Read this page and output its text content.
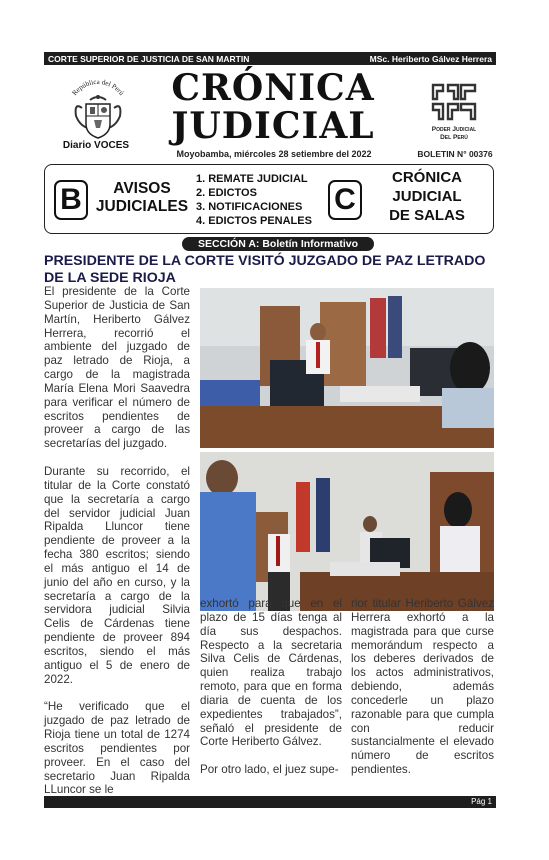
CORTE SUPERIOR DE JUSTICIA DE SAN MARTIN	MSc. Heriberto Gálvez Herrera
República del Perú
Diario VOCES
CRÓNICA
JUDICIAL
Moyobamba, miércoles 28 setiembre del 2022
Poder Judicial
Del Perú
BOLETIN N° 00376
B	AVISOS
JUDICIALES
1. REMATE JUDICIAL
2. EDICTOS
3. NOTIFICACIONES
4. EDICTOS PENALES
C
CRÓNICA
JUDICIAL
DE SALAS
SECCIÓN A: Boletín Informativo
PRESIDENTE DE LA CORTE VISITÓ JUZGADO DE PAZ LETRADO DE LA SEDE RIOJA

El presidente de la Corte Superior de Justicia de San Martín, Heriberto Gálvez Herrera, recorrió el ambiente del juzgado de paz letrado de Rioja, a cargo de la magistrada María Elena Mori Saavedra para verificar el número de escritos pendientes de proveer a cargo de las secretarías del juzgado.

Durante su recorrido, el titular de la Corte constató que la secretaría a cargo del servidor judicial Juan Ripalda Lluncor tiene pendiente de proveer a la fecha 380 escritos; siendo el más antiguo el 14 de junio del año en curso, y la secretaría a cargo de la servidora judicial Silvia Celis de Cárdenas tiene pendiente de proveer 894 escritos, siendo el más antiguo el 5 de enero de 2022.

“He verificado que el juzgado de paz letrado de Rioja tiene un total de 1274 escritos pendientes por proveer. En el caso del secretario Juan Ripalda LLuncor se le

exhortó para que en el plazo de 15 días tenga al día sus despachos. Respecto a la secretaria Silva Celis de Cárdenas, quien realiza trabajo remoto, para que en forma diaria de cuenta de los expedientes trabajados”, señaló el presidente de Corte Heriberto Gálvez.

Por otro lado, el juez supe-

rior titular Heriberto Gálvez Herrera exhortó a la magistrada para que curse memorándum respecto a los deberes derivados de los actos administrativos, debiendo, además concederle un plazo razonable para que cumpla con reducir sustancialmente el elevado número de escritos pendientes.

Pág 1
